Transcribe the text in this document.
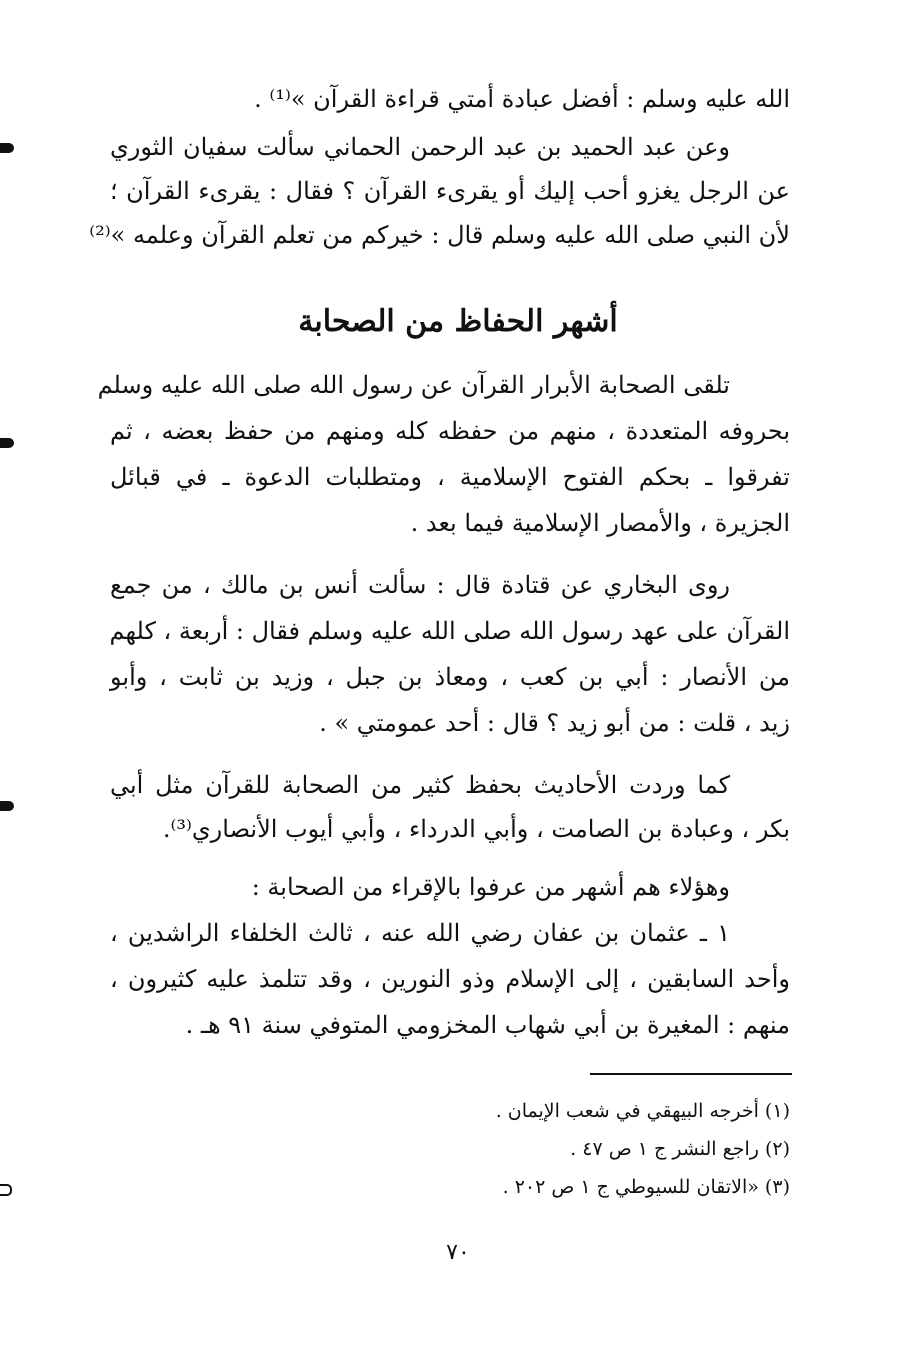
الله عليه وسلم : أفضل عبادة أمتي قراءة القرآن »⁽¹⁾ .
وعن عبد الحميد بن عبد الرحمن الحماني سألت سفيان الثوري
عن الرجل يغزو أحب إليك أو يقرىء القرآن ؟ فقال : يقرىء القرآن ؛
لأن النبي صلى الله عليه وسلم قال : خيركم من تعلم القرآن وعلمه »⁽²⁾
أشهر الحفاظ من الصحابة
تلقى الصحابة الأبرار القرآن عن رسول الله صلى الله عليه وسلم
بحروفه المتعددة ، منهم من حفظه كله ومنهم من حفظ بعضه ، ثم
تفرقوا ـ بحكم الفتوح الإسلامية ، ومتطلبات الدعوة ـ في قبائل
الجزيرة ، والأمصار الإسلامية فيما بعد .
روى البخاري عن قتادة قال : سألت أنس بن مالك ، من جمع
القرآن على عهد رسول الله صلى الله عليه وسلم فقال : أربعة ، كلهم
من الأنصار : أبي بن كعب ، ومعاذ بن جبل ، وزيد بن ثابت ، وأبو
زيد ، قلت : من أبو زيد ؟ قال : أحد عمومتي » .
كما وردت الأحاديث بحفظ كثير من الصحابة للقرآن مثل أبي
بكر ، وعبادة بن الصامت ، وأبي الدرداء ، وأبي أيوب الأنصاري⁽³⁾.
وهؤلاء هم أشهر من عرفوا بالإقراء من الصحابة :
١ ـ عثمان بن عفان رضي الله عنه ، ثالث الخلفاء الراشدين ،
وأحد السابقين ، إلى الإسلام وذو النورين ، وقد تتلمذ عليه كثيرون ،
منهم : المغيرة بن أبي شهاب المخزومي المتوفي سنة ٩١ هـ .
(١) أخرجه البيهقي في شعب الإيمان .
(٢) راجع النشر ج ١ ص ٤٧ .
(٣) «الاتقان للسيوطي ج ١ ص ٢٠٢ .
٧٠
